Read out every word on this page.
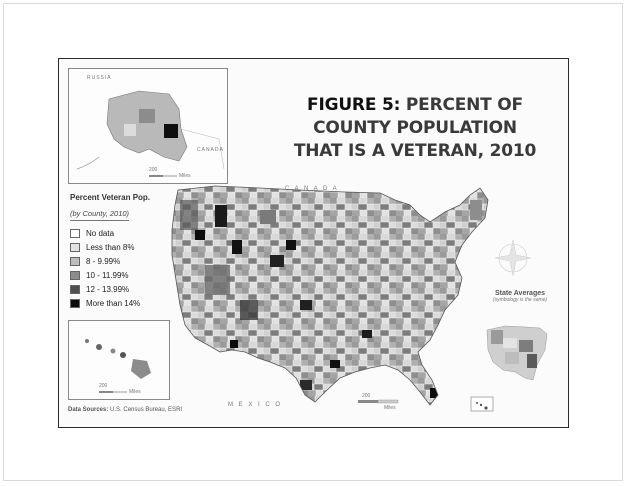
RUSSIA
CANADA
200
Miles
200
Miles
FIGURE 5: PERCENT OF
COUNTY POPULATION
THAT IS A VETERAN, 2010
Percent Veteran Pop.
(by County, 2010)
No data
Less than 8%
8 - 9.99%
10 - 11.99%
12 - 13.99%
More than 14%
C A N A D A
M E X I C O
200
Miles
State Averages
(symbology is the same)
Data Sources: U.S. Census Bureau, ESRI
